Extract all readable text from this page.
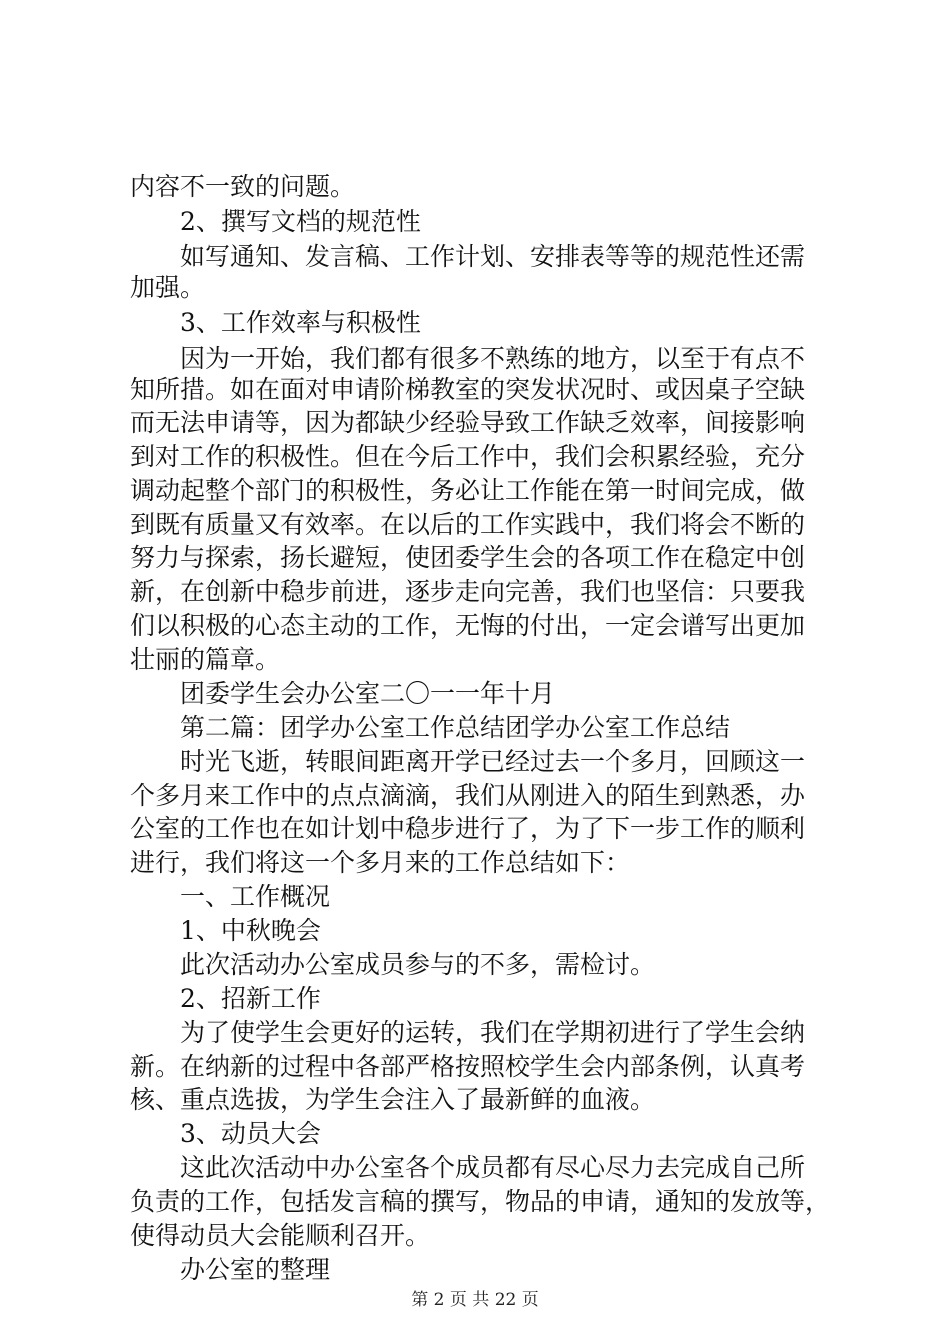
内容不一致的问题。
2、撰写文档的规范性
如写通知、发言稿、工作计划、安排表等等的规范性还需
加强。
3、工作效率与积极性
因为一开始，我们都有很多不熟练的地方，以至于有点不
知所措。如在面对申请阶梯教室的突发状况时、或因桌子空缺
而无法申请等，因为都缺少经验导致工作缺乏效率，间接影响
到对工作的积极性。但在今后工作中，我们会积累经验，充分
调动起整个部门的积极性，务必让工作能在第一时间完成，做
到既有质量又有效率。在以后的工作实践中，我们将会不断的
努力与探索，扬长避短，使团委学生会的各项工作在稳定中创
新，在创新中稳步前进，逐步走向完善，我们也坚信：只要我
们以积极的心态主动的工作，无悔的付出，一定会谱写出更加
壮丽的篇章。
团委学生会办公室二〇一一年十月
第二篇：团学办公室工作总结团学办公室工作总结
时光飞逝，转眼间距离开学已经过去一个多月，回顾这一
个多月来工作中的点点滴滴，我们从刚进入的陌生到熟悉，办
公室的工作也在如计划中稳步进行了，为了下一步工作的顺利
进行，我们将这一个多月来的工作总结如下：
一、工作概况
1、中秋晚会
此次活动办公室成员参与的不多，需检讨。
2、招新工作
为了使学生会更好的运转，我们在学期初进行了学生会纳
新。在纳新的过程中各部严格按照校学生会内部条例，认真考
核、重点选拔，为学生会注入了最新鲜的血液。
3、动员大会
这此次活动中办公室各个成员都有尽心尽力去完成自己所
负责的工作，包括发言稿的撰写，物品的申请，通知的发放等，
使得动员大会能顺利召开。
办公室的整理
第 2 页 共 22 页
